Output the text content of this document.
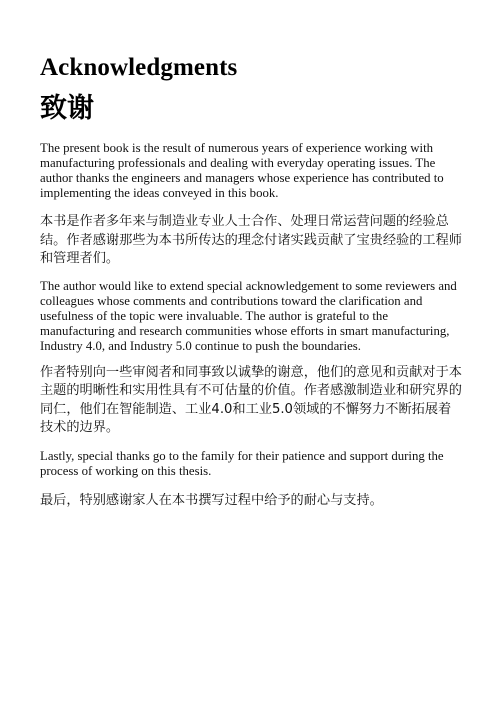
Acknowledgments
致谢

The present book is the result of numerous years of experience working with manufacturing professionals and dealing with everyday operating issues. The author thanks the engineers and managers whose experience has contributed to implementing the ideas conveyed in this book.

本书是作者多年来与制造业专业人士合作、处理日常运营问题的经验总结。作者感谢那些为本书所传达的理念付诸实践贡献了宝贵经验的工程师和管理者们。

The author would like to extend special acknowledgement to some reviewers and colleagues whose comments and contributions toward the clarification and usefulness of the topic were invaluable. The author is grateful to the manufacturing and research communities whose efforts in smart manufacturing, Industry 4.0, and Industry 5.0 continue to push the boundaries.

作者特别向一些审阅者和同事致以诚挚的谢意，他们的意见和贡献对于本主题的明晰性和实用性具有不可估量的价值。作者感激制造业和研究界的同仁，他们在智能制造、工业4.0和工业5.0领域的不懈努力不断拓展着技术的边界。

Lastly, special thanks go to the family for their patience and support during the process of working on this thesis.

最后，特别感谢家人在本书撰写过程中给予的耐心与支持。
